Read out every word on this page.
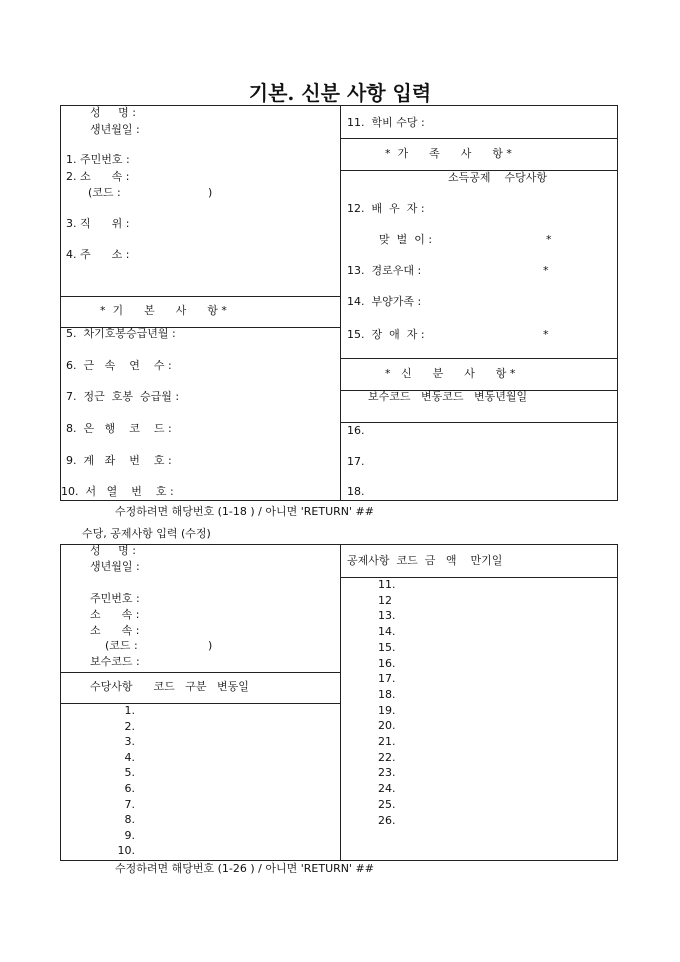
기본. 신분 사항 입력
성     명 :
생년월일 :
1. 주민번호 :
2. 소      속 :
(코드 :	)
3. 직      위 :
4. 주      소 :
*  기      본      사      항 *
5.  차기호봉승급년월 :
6.  근   속    연    수 :
7.  정근  호봉  승급월 :
8.  은   행    코    드 :
9.  계   좌    번    호 :
10.  서   열    번    호 :
11.  학비 수당 :
*  가      족      사      항 *
소득공제    수당사항
12.  배  우  자 :
맞  벌  이 :	*
13.  경로우대 :	*
14.  부양가족 :
15.  장  애  자 :	*
*   신      분      사      항 *
보수코드   변동코드   변동년월일
16.
17.
18.
수정하려면 해당번호 (1-18 ) / 아니면 'RETURN' ##
수당, 공제사항 입력 (수정)
성     명 :
생년월일 :
주민번호 :
소      속 :
소      속 :
(코드 :	)
보수코드 :
수당사항      코드   구분   변동일
1.
2.
3.
4.
5.
6.
7.
8.
9.
10.
공제사항  코드  금   액    만기일
11.
12
13.
14.
15.
16.
17.
18.
19.
20.
21.
22.
23.
24.
25.
26.
수정하려면 해당번호 (1-26 ) / 아니면 'RETURN' ##
